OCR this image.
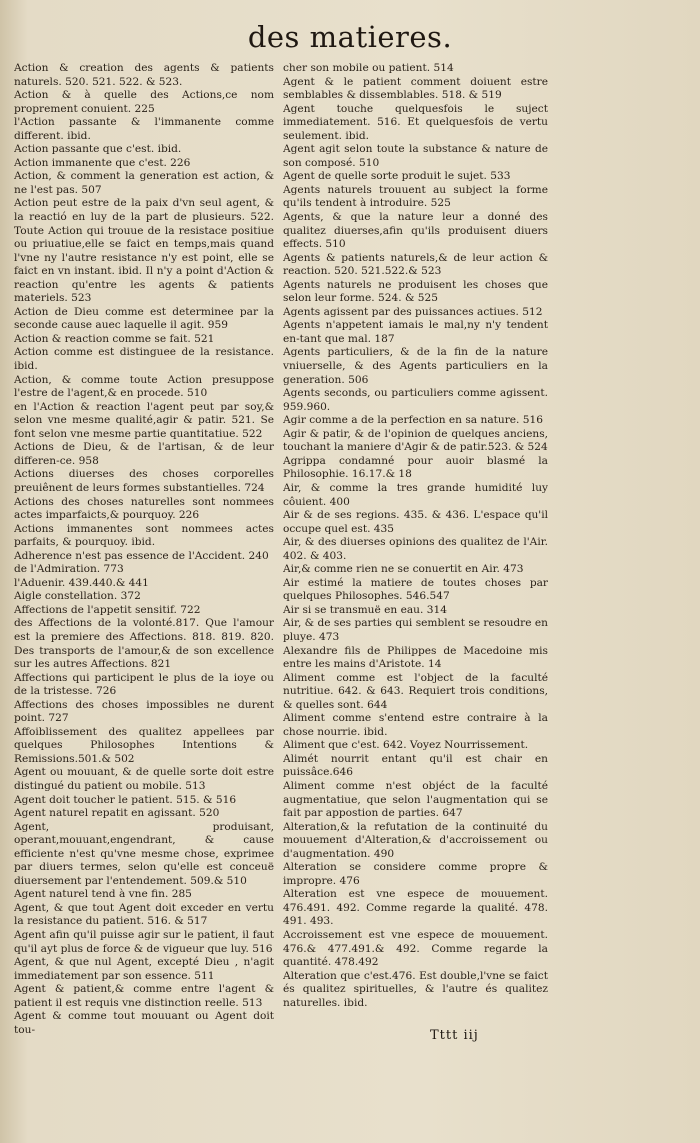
des matieres.

Action & creation des agents & patients naturels. 520. 521. 522. & 523.

Action & à quelle des Actions,ce nom proprement conuient. 225

l'Action passante & l'immanente comme different. ibid.

Action passante que c'est. ibid.

Action immanente que c'est. 226

Action, & comment la generation est action, & ne l'est pas. 507

Action peut estre de la paix d'vn seul agent, & la reactió en luy de la part de plusieurs. 522. Toute Action qui trouue de la resistace positiue ou priuatiue,elle se faict en temps,mais quand l'vne ny l'autre resistance n'y est point, elle se faict en vn instant. ibid. Il n'y a point d'Action & reaction qu'entre les agents & patients materiels. 523

Action de Dieu comme est determinee par la seconde cause auec laquelle il agit. 959

Action & reaction comme se fait. 521

Action comme est distinguee de la resistance. ibid.

Action, & comme toute Action presuppose l'estre de l'agent,& en procede. 510

en l'Action & reaction l'agent peut par soy,& selon vne mesme qualité,agir & patir. 521. Se font selon vne mesme partie quantitatiue. 522

Actions de Dieu, & de l'artisan, & de leur differen-ce. 958

Actions diuerses des choses corporelles preuiênent de leurs formes substantielles. 724

Actions des choses naturelles sont nommees actes imparfaicts,& pourquoy. 226

Actions immanentes sont nommees actes parfaits, & pourquoy. ibid.

Adherence n'est pas essence de l'Accident. 240

de l'Admiration. 773

l'Aduenir. 439.440.& 441

Aigle constellation. 372

Affections de l'appetit sensitif. 722

des Affections de la volonté.817. Que l'amour est la premiere des Affections. 818. 819. 820. Des transports de l'amour,& de son excellence sur les autres Affections. 821

Affections qui participent le plus de la ioye ou de la tristesse. 726

Affections des choses impossibles ne durent point. 727

Affoiblissement des qualitez appellees par quelques Philosophes Intentions & Remissions.501.& 502

Agent ou mouuant, & de quelle sorte doit estre distingué du patient ou mobile. 513

Agent doit toucher le patient. 515. & 516

Agent naturel repatit en agissant. 520

Agent, produisant, operant,mouuant,engendrant, & cause efficiente n'est qu'vne mesme chose, exprimee par diuers termes, selon qu'elle est conceuë diuersement par l'entendement. 509.& 510

Agent naturel tend à vne fin. 285

Agent, & que tout Agent doit exceder en vertu la resistance du patient. 516. & 517

Agent afin qu'il puisse agir sur le patient, il faut qu'il ayt plus de force & de vigueur que luy. 516

Agent, & que nul Agent, excepté Dieu , n'agit immediatement par son essence. 511

Agent & patient,& comme entre l'agent & patient il est requis vne distinction reelle. 513

Agent & comme tout mouuant ou Agent doit tou-

cher son mobile ou patient. 514

Agent & le patient comment doiuent estre semblables & dissemblables. 518. & 519

Agent touche quelquesfois le suject immediatement. 516. Et quelquesfois de vertu seulement. ibid.

Agent agit selon toute la substance & nature de son composé. 510

Agent de quelle sorte produit le sujet. 533

Agents naturels trouuent au subject la forme qu'ils tendent à introduire. 525

Agents, & que la nature leur a donné des qualitez diuerses,afin qu'ils produisent diuers effects. 510

Agents & patients naturels,& de leur action & reaction. 520. 521.522.& 523

Agents naturels ne produisent les choses que selon leur forme. 524. & 525

Agents agissent par des puissances actiues. 512

Agents n'appetent iamais le mal,ny n'y tendent en-tant que mal. 187

Agents particuliers, & de la fin de la nature vniuerselle, & des Agents particuliers en la generation. 506

Agents seconds, ou particuliers comme agissent. 959.960.

Agir comme a de la perfection en sa nature. 516

Agir & patir, & de l'opinion de quelques anciens, touchant la maniere d'Agir & de patir.523. & 524

Agrippa condamné pour auoir blasmé la Philosophie. 16.17.& 18

Air, & comme la tres grande humidité luy côuient. 400

Air & de ses regions. 435. & 436. L'espace qu'il occupe quel est. 435

Air, & des diuerses opinions des qualitez de l'Air. 402. & 403.

Air,& comme rien ne se conuertit en Air. 473

Air estimé la matiere de toutes choses par quelques Philosophes. 546.547

Air si se transmuë en eau. 314

Air, & de ses parties qui semblent se resoudre en pluye. 473

Alexandre fils de Philippes de Macedoine mis entre les mains d'Aristote. 14

Aliment comme est l'object de la faculté nutritiue. 642. & 643. Requiert trois conditions, & quelles sont. 644

Aliment comme s'entend estre contraire à la chose nourrie. ibid.

Aliment que c'est. 642. Voyez Nourrissement.

Alimét nourrit entant qu'il est chair en puissâce.646

Aliment comme n'est objéct de la faculté augmentatiue, que selon l'augmentation qui se fait par appostion de parties. 647

Alteration,& la refutation de la continuité du mouuement d'Alteration,& d'accroissement ou d'augmentation. 490

Alteration se considere comme propre & impropre. 476

Alteration est vne espece de mouuement. 476.491. 492. Comme regarde la qualité. 478. 491. 493.

Accroissement est vne espece de mouuement. 476.& 477.491.& 492. Comme regarde la quantité. 478.492

Alteration que c'est.476. Est double,l'vne se faict és qualitez spirituelles, & l'autre és qualitez naturelles. ibid.

Tttt iij
